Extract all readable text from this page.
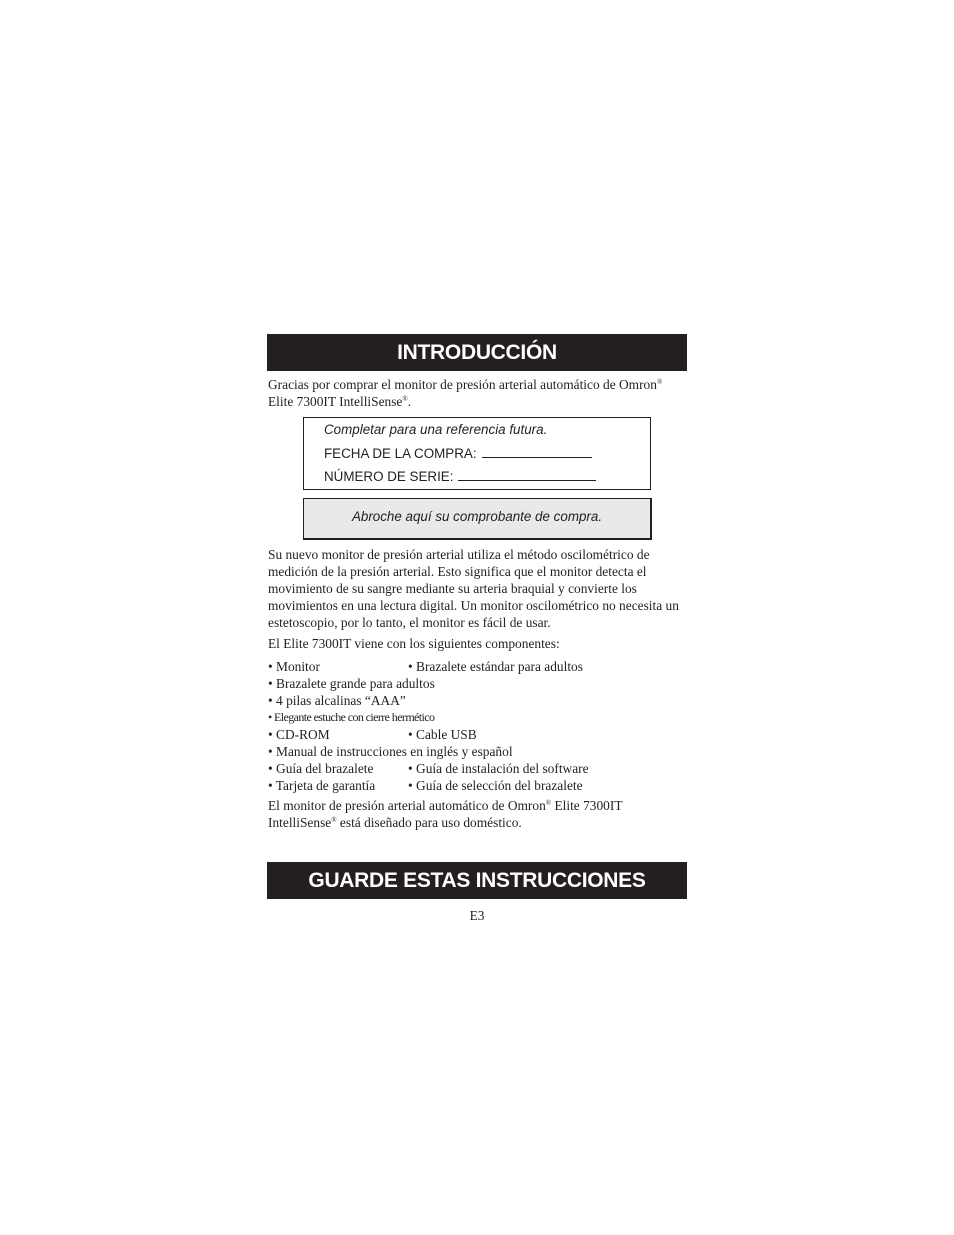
INTRODUCCIÓN

Gracias por comprar el monitor de presión arterial automático de Omron®
Elite 7300IT IntelliSense®.

Completar para una referencia futura.
FECHA DE LA COMPRA:
NÚMERO DE SERIE:
Abroche aquí su comprobante de compra.

Su nuevo monitor de presión arterial utiliza el método oscilométrico de medición de la presión arterial. Esto significa que el monitor detecta el movimiento de su sangre mediante su arteria braquial y convierte los movimientos en una lectura digital. Un monitor oscilométrico no necesita un estetoscopio, por lo tanto, el monitor es fácil de usar.

El Elite 7300IT viene con los siguientes componentes:

• Monitor	• Brazalete estándar para adultos
• Brazalete grande para adultos
• 4 pilas alcalinas “AAA”
• Elegante estuche con cierre hermético
• CD-ROM	• Cable USB
• Manual de instrucciones en inglés y español
• Guía del brazalete	• Guía de instalación del software
• Tarjeta de garantía • Guía de selección del brazalete

El monitor de presión arterial automático de Omron® Elite 7300IT IntelliSense® está diseñado para uso doméstico.

GUARDE ESTAS INSTRUCCIONES
E3
